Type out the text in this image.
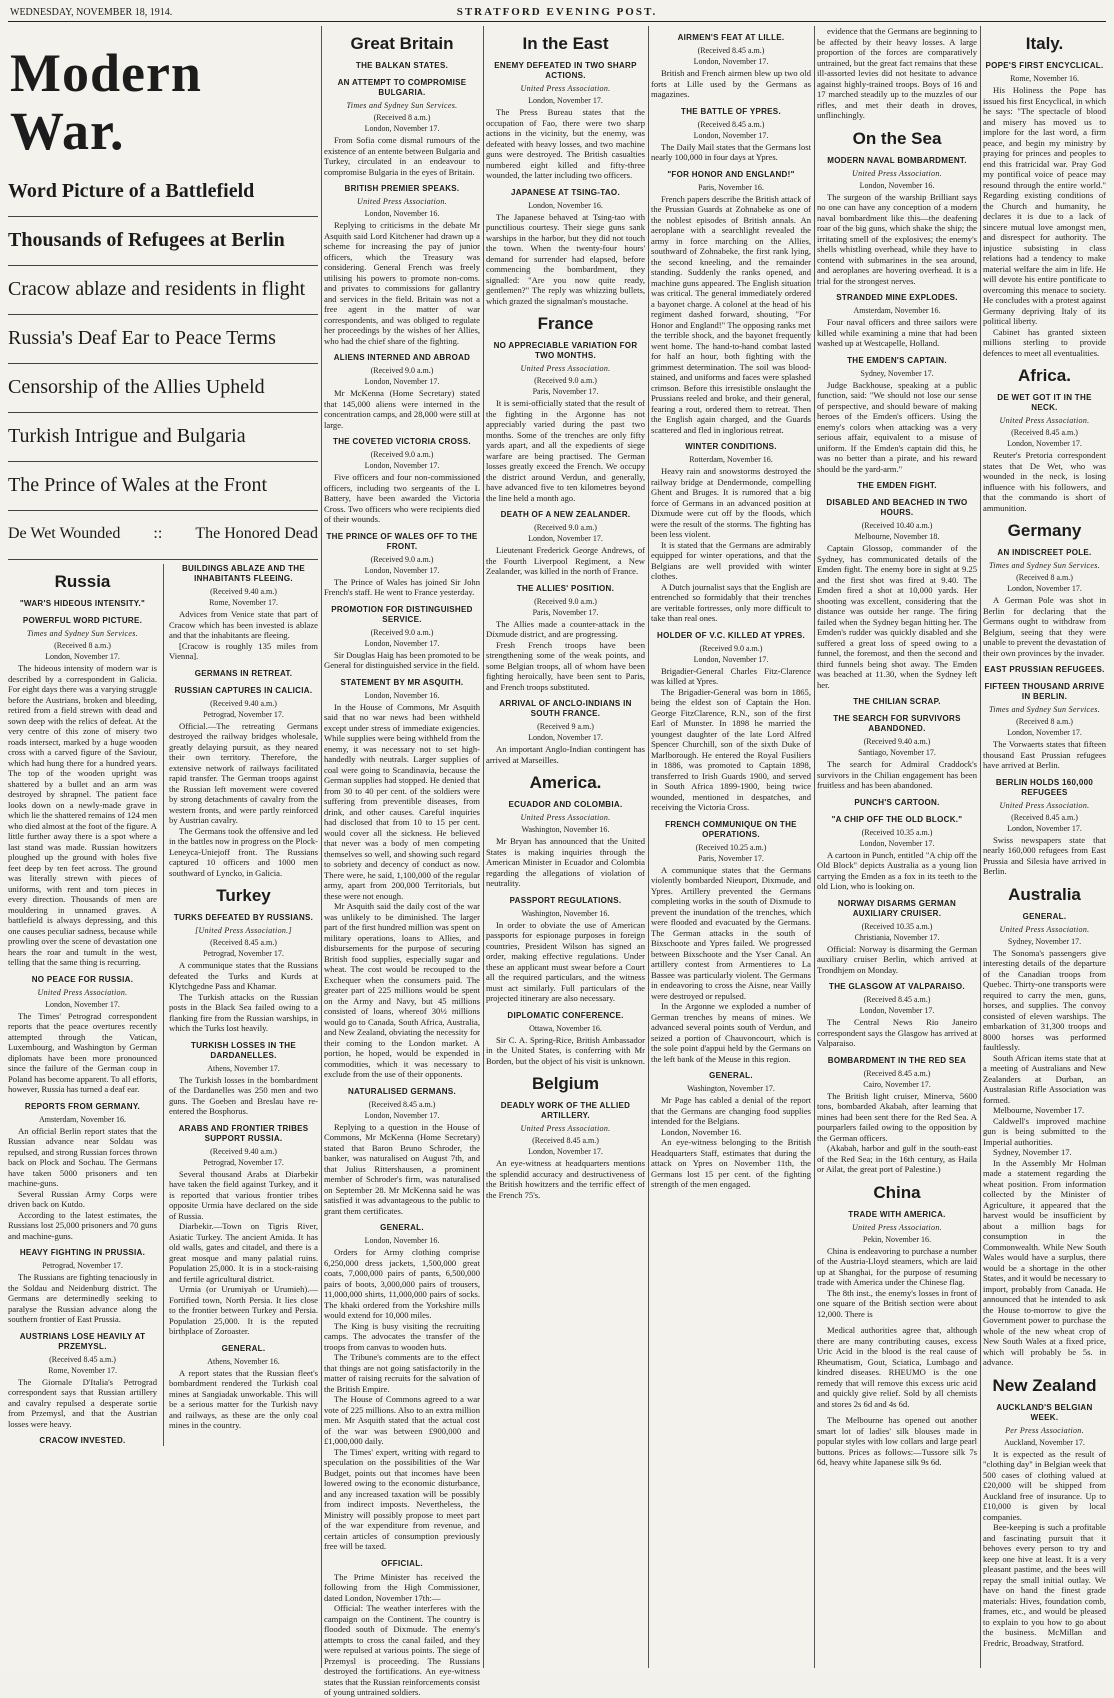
WEDNESDAY, NOVEMBER 18, 1914.	STRATFORD EVENING POST.
Modern War.
Word Picture of a Battlefield
Thousands of Refugees at Berlin
Cracow ablaze and residents in flight
Russia's Deaf Ear to Peace Terms
Censorship of the Allies Upheld
Turkish Intrigue and Bulgaria
The Prince of Wales at the Front
De Wet Wounded :: The Honored Dead
Russia
"WAR'S HIDEOUS INTENSITY."
POWERFUL WORD PICTURE.
Times and Sydney Sun Services.
(Received 8 a.m.)
London, November 17.

The hideous intensity of modern war is described by a correspondent in Galicia. For eight days there was a varying struggle before the Austrians, broken and bleeding, retired from a field strewn with dead and sown deep with the relics of defeat. At the very centre of this zone of misery two roads intersect, marked by a huge wooden cross with a carved figure of the Saviour, which had hung there for a hundred years. The top of the wooden upright was shattered by a bullet and an arm was destroyed by shrapnel. The patient face looks down on a newly-made grave in which lie the shattered remains of 124 men who died almost at the foot of the figure. A little further away there is a spot where a last stand was made. Russian howitzers ploughed up the ground with holes five feet deep by ten feet across. The ground was literally strewn with pieces of uniforms, with rent and torn pieces in every direction. Thousands of men are mouldering in unnamed graves. A battlefield is always depressing, and this one causes peculiar sadness, because while prowling over the scene of devastation one hears the roar and tumult in the west, telling that the same thing is recurring.

NO PEACE FOR RUSSIA.
United Press Association.
London, November 17.

The Times' Petrograd correspondent reports that the peace overtures recently attempted through the Vatican, Luxembourg, and Washington by German diplomats have been more pronounced since the failure of the German coup in Poland has become apparent. To all efforts, however, Russia has turned a deaf ear.

REPORTS FROM GERMANY.
Amsterdam, November 16.

An official Berlin report states that the Russian advance near Soldau was repulsed, and strong Russian forces thrown back on Plock and Sochau. The Germans have taken 5000 prisoners and ten machine-guns.

Several Russian Army Corps were driven back on Kutdo.

According to the latest estimates, the Russians lost 25,000 prisoners and 70 guns and machine-guns.

HEAVY FIGHTING IN PRUSSIA.
Petrograd, November 17.

The Russians are fighting tenaciously in the Soldau and Neidenburg district. The Germans are determinedly seeking to paralyse the Russian advance along the southern frontier of East Prussia.

AUSTRIANS LOSE HEAVILY AT PRZEMYSL.
(Received 8.45 a.m.)
Rome, November 17.

The Giornale D'Italia's Petrograd correspondent says that Russian artillery and cavalry repulsed a desperate sortie from Przemysl, and that the Austrian losses were heavy.

CRACOW INVESTED.
BUILDINGS ABLAZE AND THE INHABITANTS FLEEING.
(Received 9.40 a.m.)
Rome, November 17.

Advices from Venice state that part of Cracow which has been invested is ablaze and that the inhabitants are fleeing.

[Cracow is roughly 135 miles from Vienna].

GERMANS IN RETREAT.
RUSSIAN CAPTURES IN CALICIA.
(Received 9.40 a.m.)
Petrograd, November 17.

Official.—The retreating Germans destroyed the railway bridges wholesale, greatly delaying pursuit, as they neared their own territory. Therefore, the extensive network of railways facilitated rapid transfer. The German troops against the Russian left movement were covered by strong detachments of cavalry from the western fronts, and were partly reinforced by Austrian cavalry.

The Germans took the offensive and led in the battles now in progress on the Plock-Leneyca-Uniejoff front. The Russians captured 10 officers and 1000 men southward of Lyncko, in Galicia.

Turkey
TURKS DEFEATED BY RUSSIANS.
[United Press Association.]
(Received 8.45 a.m.)
Petrograd, November 17.

A communique states that the Russians defeated the Turks and Kurds at Klytchgedne Pass and Khamar.

The Turkish attacks on the Russian posts in the Black Sea failed owing to a flanking fire from the Russian warships, in which the Turks lost heavily.

TURKISH LOSSES IN THE DARDANELLES.
Athens, November 17.

The Turkish losses in the bombardment of the Dardanelles was 250 men and two guns. The Goeben and Breslau have re-entered the Bosphorus.

ARABS AND FRONTIER TRIBES SUPPORT RUSSIA.
(Received 9.40 a.m.)
Petrograd, November 17.

Several thousand Arabs at Diarbekir have taken the field against Turkey, and it is reported that various frontier tribes opposite Urmia have declared on the side of Russia.

Diarbekir.—Town on Tigris River, Asiatic Turkey. The ancient Amida. It has old walls, gates and citadel, and there is a great mosque and many palatial ruins. Population 25,000. It is in a stock-raising and fertile agricultural district.

Urmia (or Urumiyah or Urumieh).—Fortified town, North Persia. It lies close to the frontier between Turkey and Persia. Population 25,000. It is the reputed birthplace of Zoroaster.

GENERAL.
Athens, November 16.

A report states that the Russian fleet's bombardment rendered the Turkish coal mines at Sangiadak unworkable. This will be a serious matter for the Turkish navy and railways, as these are the only coal mines in the country.

Great Britain
THE BALKAN STATES.
AN ATTEMPT TO COMPROMISE BULGARIA.
Times and Sydney Sun Services.
(Received 8 a.m.)
London, November 17.

From Sofia come dismal rumours of the existence of an entente between Bulgaria and Turkey, circulated in an endeavour to compromise Bulgaria in the eyes of Britain.

BRITISH PREMIER SPEAKS.
United Press Association.
London, November 16.

Replying to criticisms in the debate Mr Asquith said Lord Kitchener had drawn up a scheme for increasing the pay of junior officers, which the Treasury was considering. General French was freely utilising his powers to promote non-coms. and privates to commissions for gallantry and services in the field. Britain was not a free agent in the matter of war correspondents, and was obliged to regulate her proceedings by the wishes of her Allies, who had the chief share of the fighting.

ALIENS INTERNED AND ABROAD
(Received 9.0 a.m.)
London, November 17.

Mr McKenna (Home Secretary) stated that 145,000 aliens were interned in the concentration camps, and 28,000 were still at large.

THE COVETED VICTORIA CROSS.
(Received 9.0 a.m.)
London, November 17.

Five officers and four non-commissioned officers, including two sergeants of the L Battery, have been awarded the Victoria Cross. Two officers who were recipients died of their wounds.

THE PRINCE OF WALES OFF TO THE FRONT.
(Received 9.0 a.m.)
London, November 17.

The Prince of Wales has joined Sir John French's staff. He went to France yesterday.

PROMOTION FOR DISTINGUISHED SERVICE.
(Received 9.0 a.m.)
London, November 17.

Sir Douglas Haig has been promoted to be General for distinguished service in the field.

STATEMENT BY MR ASQUITH.
London, November 16.

In the House of Commons, Mr Asquith said that no war news had been withheld except under stress of immediate exigencies. While supplies were being withheld from the enemy, it was necessary not to set high-handedly with neutrals. Larger supplies of coal were going to Scandinavia, because the German supplies had stopped. He denied that from 30 to 40 per cent. of the soldiers were suffering from preventible diseases, from drink, and other causes. Careful inquiries had disclosed that from 10 to 15 per cent. would cover all the sickness. He believed that never was a body of men competing themselves so well, and showing such regard to sobriety and decency of conduct as now. There were, he said, 1,100,000 of the regular army, apart from 200,000 Territorials, but these were not enough.

Mr Asquith said the daily cost of the war was unlikely to be diminished. The larger part of the first hundred million was spent on military operations, loans to Allies, and disbursements for the purpose of securing British food supplies, especially sugar and wheat. The cost would be recouped to the Exchequer when the consumers paid. The greater part of 225 millions would be spent on the Army and Navy, but 45 millions consisted of loans, whereof 30½ millions would go to Canada, South Africa, Australia, and New Zealand, obviating the necessity for their coming to the London market. A portion, he hoped, would be expended in commodities, which it was necessary to exclude from the use of their opponents.

NATURALISED GERMANS.
(Received 8.45 a.m.)
London, November 17.

Replying to a question in the House of Commons, Mr McKenna (Home Secretary) stated that Baron Bruno Schroder, the banker, was naturalised on August 7th, and that Julius Rittershausen, a prominent member of Schroder's firm, was naturalised on September 28. Mr McKenna said he was satisfied it was advantageous to the public to grant them certificates.

GENERAL.
London, November 16.

Orders for Army clothing comprise 6,250,000 dress jackets, 1,500,000 great coats, 7,000,000 pairs of pants, 6,500,000 pairs of boots, 3,000,000 pairs of trousers, 11,000,000 shirts, 11,000,000 pairs of socks. The khaki ordered from the Yorkshire mills would extend for 10,000 miles.

The King is busy visiting the recruiting camps. The advocates the transfer of the troops from canvas to wooden huts.

The Tribune's comments are to the effect that things are not going satisfactorily in the matter of raising recruits for the salvation of the British Empire.

The House of Commons agreed to a war vote of 225 millions. Also to an extra million men. Mr Asquith stated that the actual cost of the war was between £900,000 and £1,000,000 daily.

The Times' expert, writing with regard to speculation on the possibilities of the War Budget, points out that incomes have been lowered owing to the economic disturbance, and any increased taxation will be possibly from indirect imposts. Nevertheless, the Ministry will possibly propose to meet part of the war expenditure from revenue, and certain articles of consumption previously free will be taxed.

OFFICIAL.

The Prime Minister has received the following from the High Commissioner, dated London, November 17th:—

Official: The weather interferes with the campaign on the Continent. The country is flooded south of Dixmude. The enemy's attempts to cross the canal failed, and they were repulsed at various points. The siege of Przemysl is proceeding. The Russians destroyed the fortifications. An eye-witness states that the Russian reinforcements consist of young untrained soldiers.

In the East
ENEMY DEFEATED IN TWO SHARP ACTIONS.
United Press Association.
London, November 17.

The Press Bureau states that the occupation of Fao, there were two sharp actions in the vicinity, but the enemy, was defeated with heavy losses, and two machine guns were destroyed. The British casualties numbered eight killed and fifty-three wounded, the latter including two officers.

JAPANESE AT TSING-TAO.
London, November 16.

The Japanese behaved at Tsing-tao with punctilious courtesy. Their siege guns sank warships in the harbor, but they did not touch the town. When the twenty-four hours' demand for surrender had elapsed, before commencing the bombardment, they signalled: "Are you now quite ready, gentlemen?" The reply was whizzing bullets, which grazed the signalman's moustache.

France
NO APPRECIABLE VARIATION FOR TWO MONTHS.
United Press Association.
(Received 9.0 a.m.)
Paris, November 17.

It is semi-officially stated that the result of the fighting in the Argonne has not appreciably varied during the past two months. Some of the trenches are only fifty yards apart, and all the expedients of siege warfare are being practised. The German losses greatly exceed the French. We occupy the district around Verdun, and generally, have advanced five to ten kilometres beyond the line held a month ago.

DEATH OF A NEW ZEALANDER.
(Received 9.0 a.m.)
London, November 17.

Lieutenant Frederick George Andrews, of the Fourth Liverpool Regiment, a New Zealander, was killed in the north of France.

THE ALLIES' POSITION.
(Received 9.0 a.m.)
Paris, November 17.

The Allies made a counter-attack in the Dixmude district, and are progressing.

Fresh French troops have been strengthening some of the weak points, and some Belgian troops, all of whom have been fighting heroically, have been sent to Paris, and French troops substituted.

ARRIVAL OF ANCLO-INDIANS IN SOUTH FRANCE.
(Received 9 a.m.)
London, November 17.

An important Anglo-Indian contingent has arrived at Marseilles.

America.
ECUADOR AND COLOMBIA.
United Press Association.
Washington, November 16.

Mr Bryan has announced that the United States is making inquiries through the American Minister in Ecuador and Colombia regarding the allegations of violation of neutrality.

PASSPORT REGULATIONS.
Washington, November 16.

In order to obviate the use of American passports for espionage purposes in foreign countries, President Wilson has signed an order, making effective regulations. Under these an applicant must swear before a Court all the required particulars, and the witness must act similarly. Full particulars of the projected itinerary are also necessary.

DIPLOMATIC CONFERENCE.
Ottawa, November 16.

Sir C. A. Spring-Rice, British Ambassador in the United States, is conferring with Mr Borden, but the object of his visit is unknown.

Belgium
DEADLY WORK OF THE ALLIED ARTILLERY.
United Press Association.
(Received 8.45 a.m.)
London, November 17.

An eye-witness at headquarters mentions the splendid accuracy and destructiveness of the British howitzers and the terrific effect of the French 75's.

AIRMEN'S FEAT AT LILLE.
(Received 8.45 a.m.)
London, November 17.

British and French airmen blew up two old forts at Lille used by the Germans as magazines.

THE BATTLE OF YPRES.
(Received 8.45 a.m.)
London, November 17.

The Daily Mail states that the Germans lost nearly 100,000 in four days at Ypres.

"FOR HONOR AND ENGLAND!"
Paris, November 16.

French papers describe the British attack of the Prussian Guards at Zohnabeke as one of the noblest episodes of British annals. An aeroplane with a searchlight revealed the army in force marching on the Allies, southward of Zohnabeke, the first rank lying, the second kneeling, and the remainder standing. Suddenly the ranks opened, and machine guns appeared. The English situation was critical. The general immediately ordered a bayonet charge. A colonel at the head of his regiment dashed forward, shouting, "For Honor and England!" The opposing ranks met the terrible shock, and the bayonet frequently went home. The hand-to-hand combat lasted for half an hour, both fighting with the grimmest determination. The soil was blood-stained, and uniforms and faces were splashed crimson. Before this irresistible onslaught the Prussians reeled and broke, and their general, fearing a rout, ordered them to retreat. Then the English again charged, and the Guards scattered and fled in inglorious retreat.

WINTER CONDITIONS.
Rotterdam, November 16.

Heavy rain and snowstorms destroyed the railway bridge at Dendermonde, compelling Ghent and Bruges. It is rumored that a big force of Germans in an advanced position at Dixmude were cut off by the floods, which were the result of the storms. The fighting has been less violent.

It is stated that the Germans are admirably equipped for winter operations, and that the Belgians are well provided with winter clothes.

A Dutch journalist says that the English are entrenched so formidably that their trenches are veritable fortresses, only more difficult to take than real ones.

HOLDER OF V.C. KILLED AT YPRES.
(Received 9.0 a.m.)
London, November 17.

Brigadier-General Charles Fitz-Clarence was killed at Ypres.

The Brigadier-General was born in 1865, being the eldest son of Captain the Hon. George FitzClarence, R.N., son of the first Earl of Munster. In 1898 he married the youngest daughter of the late Lord Alfred Spencer Churchill, son of the sixth Duke of Marlborough. He entered the Royal Fusiliers in 1886, was promoted to Captain 1898, transferred to Irish Guards 1900, and served in South Africa 1899-1900, being twice wounded, mentioned in despatches, and receiving the Victoria Cross.

FRENCH COMMUNIQUE ON THE OPERATIONS.
(Received 10.25 a.m.)
Paris, November 17.

A communique states that the Germans violently bombarded Nieuport, Dixmude, and Ypres. Artillery prevented the Germans completing works in the south of Dixmude to prevent the inundation of the trenches, which were flooded and evacuated by the Germans. The German attacks in the south of Bixschoote and Ypres failed. We progressed between Bixschoote and the Yser Canal. An artillery contest from Armentieres to La Bassee was particularly violent. The Germans in endeavoring to cross the Aisne, near Vailly were destroyed or repulsed.

In the Argonne we exploded a number of German trenches by means of mines. We advanced several points south of Verdun, and seized a portion of Chauvoncourt, which is the sole point d'appui held by the Germans on the left bank of the Meuse in this region.

GENERAL.
Washington, November 17.

Mr Page has cabled a denial of the report that the Germans are changing food supplies intended for the Belgians.

London, November 16.

An eye-witness belonging to the British Headquarters Staff, estimates that during the attack on Ypres on November 11th, the Germans lost 15 per cent. of the fighting strength of the men engaged.

evidence that the Germans are beginning to be affected by their heavy losses. A large proportion of the forces are comparatively untrained, but the great fact remains that these ill-assorted levies did not hesitate to advance against highly-trained troops. Boys of 16 and 17 marched steadily up to the muzzles of our rifles, and met their death in droves, unflinchingly.

On the Sea
MODERN NAVAL BOMBARDMENT.
United Press Association.
London, November 16.

The surgeon of the warship Brilliant says no one can have any conception of a modern naval bombardment like this—the deafening roar of the big guns, which shake the ship; the irritating smell of the explosives; the enemy's shells whistling overhead, while they have to contend with submarines in the sea around, and aeroplanes are hovering overhead. It is a trial for the strongest nerves.

STRANDED MINE EXPLODES.
Amsterdam, November 16.

Four naval officers and three sailors were killed while examining a mine that had been washed up at Westcapelle, Holland.

THE EMDEN'S CAPTAIN.
Sydney, November 17.

Judge Backhouse, speaking at a public function, said: "We should not lose our sense of perspective, and should beware of making heroes of the Emden's officers. Using the enemy's colors when attacking was a very serious affair, equivalent to a misuse of uniform. If the Emden's captain did this, he was no better than a pirate, and his reward should be the yard-arm."

THE EMDEN FIGHT.
DISABLED AND BEACHED IN TWO HOURS.
(Received 10.40 a.m.)
Melbourne, November 18.

Captain Glossop, commander of the Sydney, has communicated details of the Emden fight. The enemy bore in sight at 9.25 and the first shot was fired at 9.40. The Emden fired a shot at 10,000 yards. Her shooting was excellent, considering that the distance was outside her range. The firing failed when the Sydney began hitting her. The Emden's rudder was quickly disabled and she suffered a great loss of speed owing to a funnel, the foremost, and then the second and third funnels being shot away. The Emden was beached at 11.30, when the Sydney left her.

THE CHILIAN SCRAP.
THE SEARCH FOR SURVIVORS ABANDONED.
(Received 9.40 a.m.)
Santiago, November 17.

The search for Admiral Craddock's survivors in the Chilian engagement has been fruitless and has been abandoned.

PUNCH'S CARTOON.
"A CHIP OFF THE OLD BLOCK."
(Received 10.35 a.m.)
London, November 17.

A cartoon in Punch, entitled "A chip off the Old Block" depicts Australia as a young lion carrying the Emden as a fox in its teeth to the old Lion, who is looking on.

NORWAY DISARMS GERMAN AUXILIARY CRUISER.
(Received 10.35 a.m.)
Christiania, November 17.

Official: Norway is disarming the German auxiliary cruiser Berlin, which arrived at Trondhjem on Monday.

THE GLASGOW AT VALPARAISO.
(Received 8.45 a.m.)
London, November 17.

The Central News Rio Janeiro correspondent says the Glasgow has arrived at Valparaiso.

BOMBARDMENT IN THE RED SEA
(Received 8.45 a.m.)
Cairo, November 17.

The British light cruiser, Minerva, 5600 tons, bombarded Akabah, after learning that mines had been sent there for the Red Sea. A pourparlers failed owing to the opposition by the German officers.

(Akabah, harbor and gulf in the south-east of the Red Sea; in the 16th century, as Haila or Ailat, the great port of Palestine.)

China
TRADE WITH AMERICA.
United Press Association.
Pekin, November 16.

China is endeavoring to purchase a number of the Austria-Lloyd steamers, which are laid up at Shanghai, for the purpose of resuming trade with America under the Chinese flag.

The 8th inst., the enemy's losses in front of one square of the British section were about 12,000. There is

Medical authorities agree that, although there are many contributing causes, excess Uric Acid in the blood is the real cause of Rheumatism, Gout, Sciatica, Lumbago and kindred diseases. RHEUMO is the one remedy that will remove this excess uric acid and quickly give relief. Sold by all chemists and stores 2s 6d and 4s 6d.

The Melbourne has opened out another smart lot of ladies' silk blouses made in popular styles with low collars and large pearl buttons. Prices as follows:—Tussore silk 7s 6d, heavy white Japanese silk 9s 6d.

Italy.
POPE'S FIRST ENCYCLICAL.
Rome, November 16.

His Holiness the Pope has issued his first Encyclical, in which he says: "The spectacle of blood and misery has moved us to implore for the last word, a firm peace, and begin my ministry by praying for princes and peoples to end this fratricidal war. Pray God my pontifical voice of peace may resound through the entire world." Regarding existing conditions of the Church and humanity, he declares it is due to a lack of sincere mutual love amongst men, and disrespect for authority. The injustice subsisting in class relations had a tendency to make material welfare the aim in life. He will devote his entire pontificate to overcoming this menace to society. He concludes with a protest against Germany depriving Italy of its political liberty.

Cabinet has granted sixteen millions sterling to provide defences to meet all eventualities.

Africa.
DE WET GOT IT IN THE NECK.
United Press Association.
(Received 8.45 a.m.)
London, November 17.

Reuter's Pretoria correspondent states that De Wet, who was wounded in the neck, is losing influence with his followers, and that the commando is short of ammunition.

Germany
AN INDISCREET POLE.
Times and Sydney Sun Services.
(Received 8 a.m.)
London, November 17.

A German Pole was shot in Berlin for declaring that the Germans ought to withdraw from Belgium, seeing that they were unable to prevent the devastation of their own provinces by the invader.

EAST PRUSSIAN REFUGEES.
FIFTEEN THOUSAND ARRIVE IN BERLIN.
Times and Sydney Sun Services.
(Received 8 a.m.)
London, November 17.

The Vorwaerts states that fifteen thousand East Prussian refugees have arrived at Berlin.

BERLIN HOLDS 160,000 REFUGEES
United Press Association.
(Received 8.45 a.m.)
London, November 17.

Swiss newspapers state that nearly 160,000 refugees from East Prussia and Silesia have arrived in Berlin.

Australia
GENERAL.
United Press Association.
Sydney, November 17.

The Sonoma's passengers give interesting details of the departure of the Canadian troops from Quebec. Thirty-one transports were required to carry the men, guns, horses, and supplies. The convoy consisted of eleven warships. The embarkation of 31,300 troops and 8000 horses was performed faultlessly.

South African items state that at a meeting of Australians and New Zealanders at Durban, an Australasian Rifle Association was formed.

Melbourne, November 17.

Caldwell's improved machine gun is being submitted to the Imperial authorities.

Sydney, November 17.

In the Assembly Mr Holman made a statement regarding the wheat position. From information collected by the Minister of Agriculture, it appeared that the harvest would be insufficient by about a million bags for consumption in the Commonwealth. While New South Wales would have a surplus, there would be a shortage in the other States, and it would be necessary to import, probably from Canada. He announced that he intended to ask the House to-morrow to give the Government power to purchase the whole of the new wheat crop of New South Wales at a fixed price, which will probably be 5s. in advance.

New Zealand
AUCKLAND'S BELGIAN WEEK.
Per Press Association.
Auckland, November 17.

It is expected as the result of "clothing day" in Belgian week that 500 cases of clothing valued at £20,000 will be shipped from Auckland free of insurance. Up to £10,000 is given by local companies.

Bee-keeping is such a profitable and fascinating pursuit that it behoves every person to try and keep one hive at least. It is a very pleasant pastime, and the bees will repay the small initial outlay. We have on hand the finest grade materials: Hives, foundation comb, frames, etc., and would be pleased to explain to you how to go about the business. McMillan and Fredric, Broadway, Stratford.
